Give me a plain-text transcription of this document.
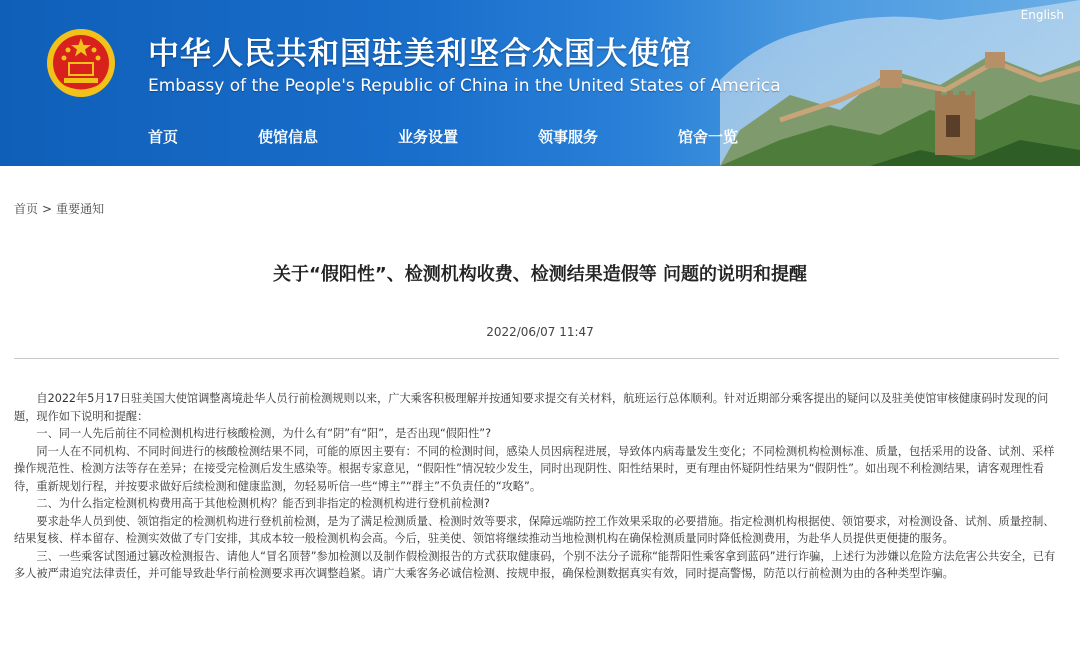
中华人民共和国驻美利坚合众国大使馆
Embassy of the People's Republic of China in the United States of America
English
首页	使馆信息	业务设置	领事服务	馆舍一览
首页 > 重要通知
关于“假阳性”、检测机构收费、检测结果造假等 问题的说明和提醒
2022/06/07 11:47

自2022年5月17日驻美国大使馆调整离境赴华人员行前检测规则以来，广大乘客积极理解并按通知要求提交有关材料，航班运行总体顺利。针对近期部分乘客提出的疑问以及驻美使馆审核健康码时发现的问题，现作如下说明和提醒：

一、同一人先后前往不同检测机构进行核酸检测，为什么有“阴”有“阳”，是否出现“假阳性”?

同一人在不同机构、不同时间进行的核酸检测结果不同，可能的原因主要有：不同的检测时间，感染人员因病程进展，导致体内病毒量发生变化；不同检测机构检测标准、质量，包括采用的设备、试剂、采样操作规范性、检测方法等存在差异；在接受完检测后发生感染等。根据专家意见，“假阳性”情况较少发生，同时出现阴性、阳性结果时，更有理由怀疑阴性结果为“假阴性”。如出现不利检测结果，请客观理性看待，重新规划行程，并按要求做好后续检测和健康监测，勿轻易听信一些“博主”“群主”不负责任的“攻略”。

二、为什么指定检测机构费用高于其他检测机构？能否到非指定的检测机构进行登机前检测?

要求赴华人员到使、领馆指定的检测机构进行登机前检测，是为了满足检测质量、检测时效等要求，保障远端防控工作效果采取的必要措施。指定检测机构根据使、领馆要求，对检测设备、试剂、质量控制、结果复核、样本留存、检测实效做了专门安排，其成本较一般检测机构会高。今后，驻美使、领馆将继续推动当地检测机构在确保检测质量同时降低检测费用，为赴华人员提供更便捷的服务。

三、一些乘客试图通过篡改检测报告、请他人“冒名顶替”参加检测以及制作假检测报告的方式获取健康码，个别不法分子谎称“能帮阳性乘客拿到蓝码”进行诈骗，上述行为涉嫌以危险方法危害公共安全，已有多人被严肃追究法律责任，并可能导致赴华行前检测要求再次调整趋紧。请广大乘客务必诚信检测、按规申报，确保检测数据真实有效，同时提高警惕，防范以行前检测为由的各种类型诈骗。
